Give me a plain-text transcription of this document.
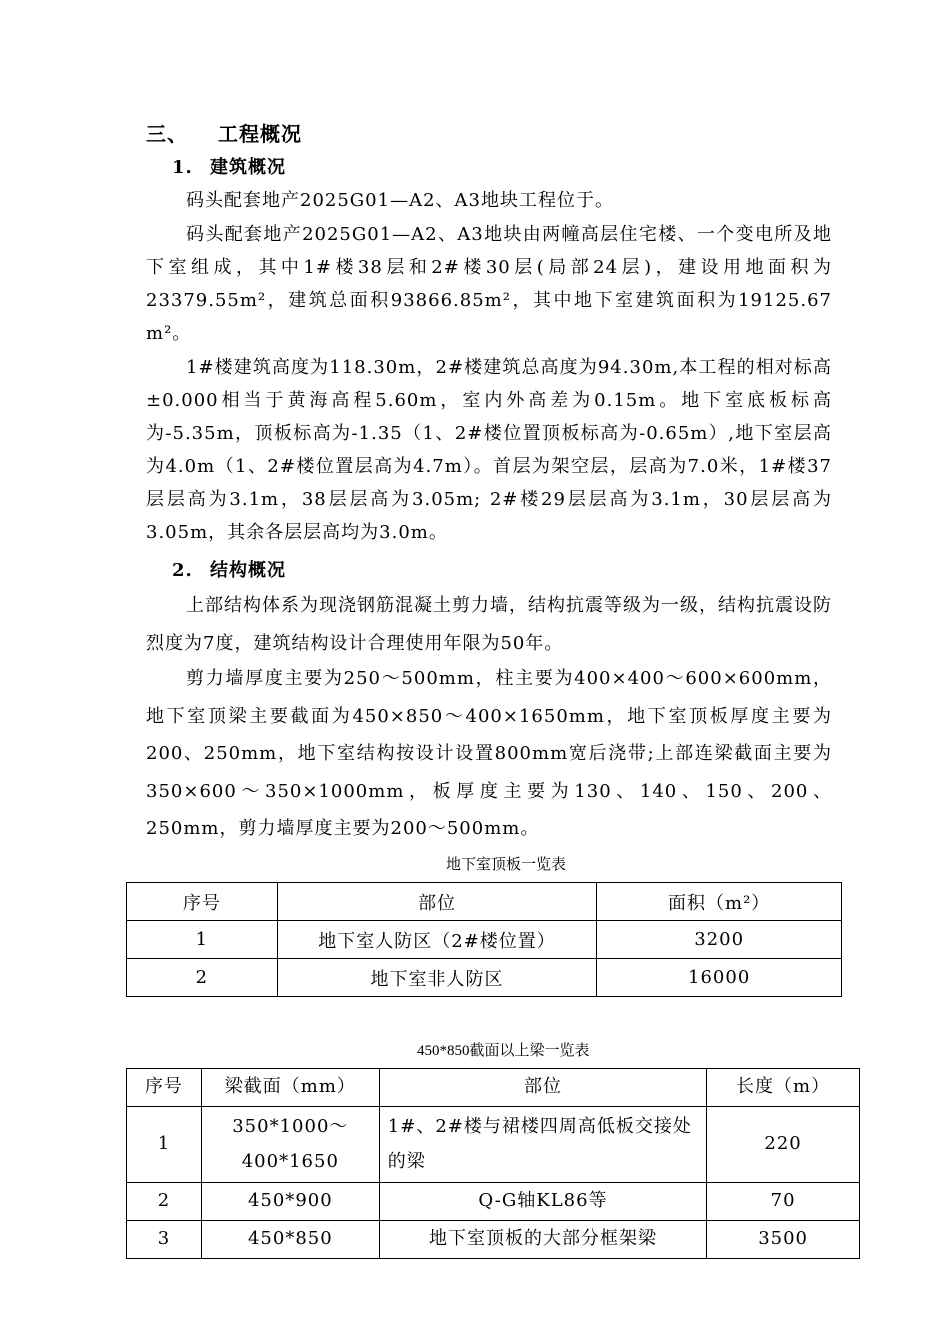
三、 工程概况
1. 建筑概况
码头配套地产2025G01—A2、A3地块工程位于。
码头配套地产2025G01—A2、A3地块由两幢高层住宅楼、一个变电所及地下室组成，其中1#楼38层和2#楼30层(局部24层)，建设用地面积为23379.55m²，建筑总面积93866.85m²，其中地下室建筑面积为19125.67 m²。
1#楼建筑高度为118.30m，2#楼建筑总高度为94.30m,本工程的相对标高±0.000相当于黄海高程5.60m，室内外高差为0.15m。地下室底板标高为-5.35m，顶板标高为-1.35（1、2#楼位置顶板标高为-0.65m）,地下室层高为4.0m（1、2#楼位置层高为4.7m）。首层为架空层，层高为7.0米，1#楼37层层高为3.1m，38层层高为3.05m; 2#楼29层层高为3.1m，30层层高为3.05m，其余各层层高均为3.0m。
2. 结构概况
上部结构体系为现浇钢筋混凝土剪力墙，结构抗震等级为一级，结构抗震设防烈度为7度，建筑结构设计合理使用年限为50年。
剪力墙厚度主要为250～500mm，柱主要为400×400～600×600mm，地下室顶梁主要截面为450×850～400×1650mm，地下室顶板厚度主要为200、250mm，地下室结构按设计设置800mm宽后浇带;上部连梁截面主要为350×600～350×1000mm，板厚度主要为130、140、150、200、250mm，剪力墙厚度主要为200～500mm。
地下室顶板一览表
序号	部位	面积（m²）
1	地下室人防区（2#楼位置）	3200
2	地下室非人防区	16000
450*850截面以上梁一览表
序号	梁截面（mm）	部位	长度（m）
1	350*1000～400*1650	1#、2#楼与裙楼四周高低板交接处的梁	220
2	450*900	Q-G轴KL86等	70
3	450*850	地下室顶板的大部分框架梁	3500
